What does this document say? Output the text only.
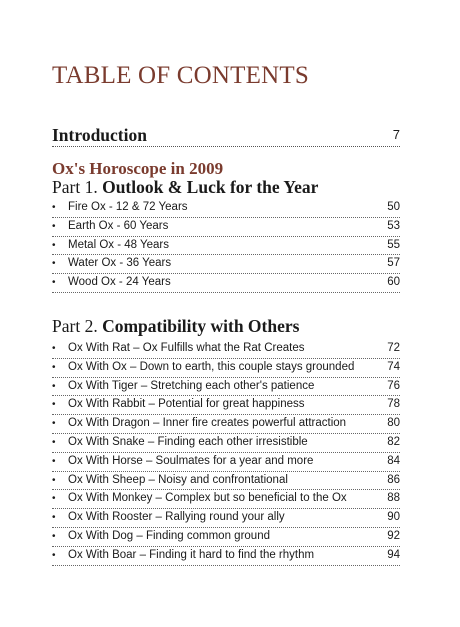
TABLE OF CONTENTS
Introduction	7
Ox's Horoscope in 2009
Part 1. Outlook & Luck for the Year
• Fire Ox - 12 & 72 Years	50
• Earth Ox - 60 Years	53
• Metal Ox - 48 Years	55
• Water Ox - 36 Years	57
• Wood Ox - 24 Years	60
Part 2. Compatibility with Others
• Ox With Rat – Ox Fulfills what the Rat Creates	72
• Ox With Ox – Down to earth, this couple stays grounded	74
• Ox With Tiger – Stretching each other's patience	76
• Ox With Rabbit – Potential for great happiness	78
• Ox With Dragon – Inner fire creates powerful attraction	80
• Ox With Snake – Finding each other irresistible	82
• Ox With Horse – Soulmates for a year and more	84
• Ox With Sheep – Noisy and confrontational	86
• Ox With Monkey – Complex but so beneficial to the Ox	88
• Ox With Rooster – Rallying round your ally	90
• Ox With Dog – Finding common ground	92
• Ox With Boar – Finding it hard to find the rhythm	94
